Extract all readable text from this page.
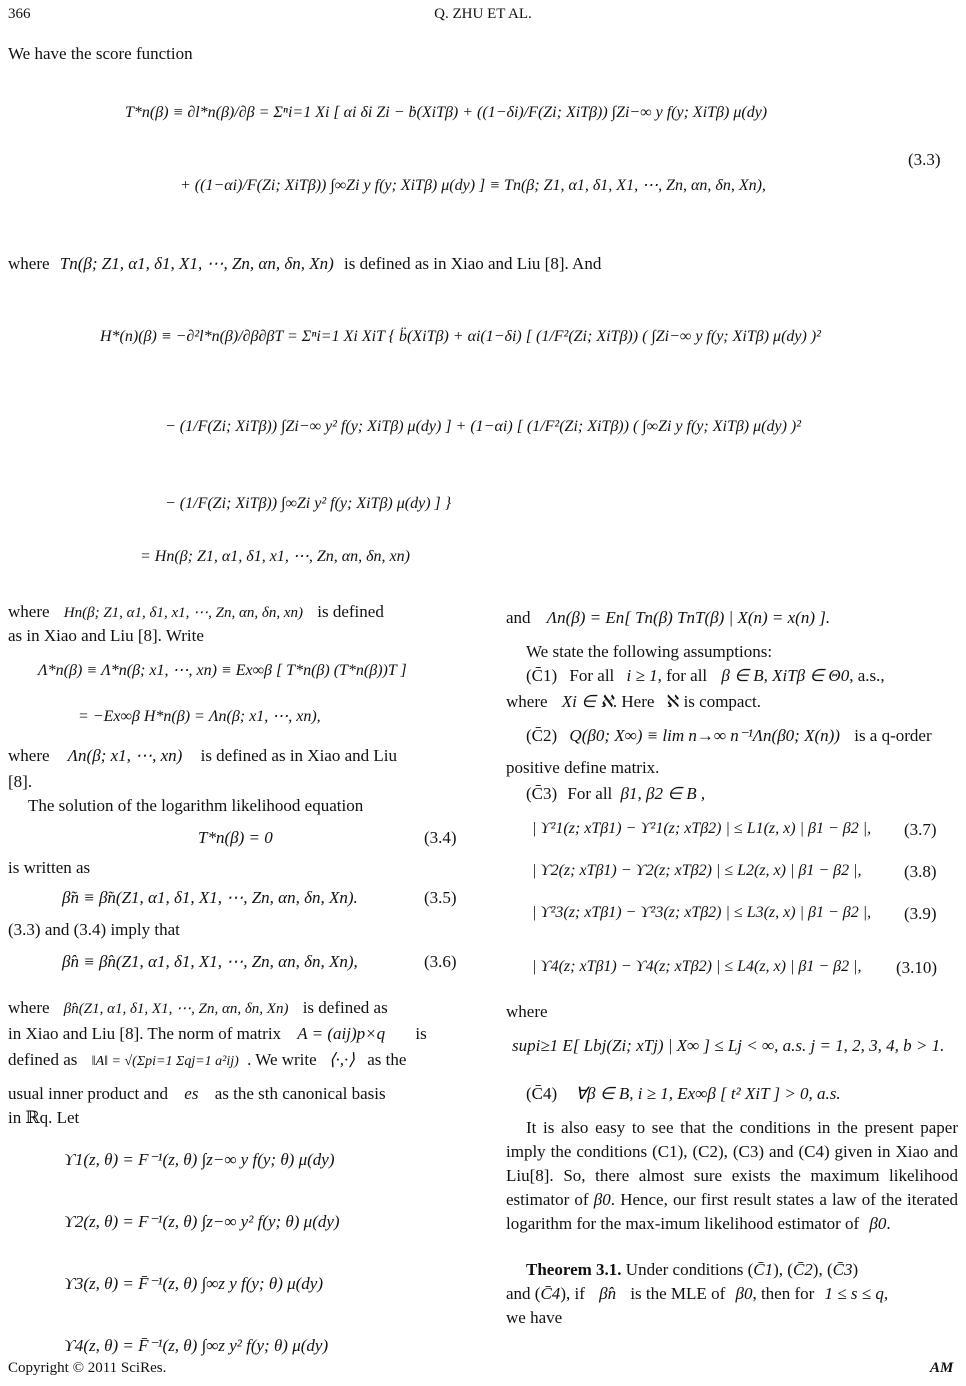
366	Q. ZHU ET AL.
We have the score function
T*n(β) ≡ ∂l*n(β)/∂β = Σⁿi=1 Xi [ αi δi Zi − ḃ(XiTβ) + ((1−δi)/F(Zi; XiTβ)) ∫Zi−∞ y f(y; XiTβ) μ(dy)
+ ((1−αi)/F(Zi; XiTβ)) ∫∞Zi y f(y; XiTβ) μ(dy) ] ≡ Tn(β; Z1, α1, δ1, X1, ⋯, Zn, αn, δn, Xn),
(3.3)
where Tn(β; Z1, α1, δ1, X1, ⋯, Zn, αn, δn, Xn) is defined as in Xiao and Liu [8]. And
H*(n)(β) ≡ −∂²l*n(β)/∂β∂βT = Σⁿi=1 Xi XiT { b̈(XiTβ) + αi(1−δi) [ (1/F²(Zi; XiTβ)) ( ∫Zi−∞ y f(y; XiTβ) μ(dy) )²
− (1/F(Zi; XiTβ)) ∫Zi−∞ y² f(y; XiTβ) μ(dy) ] + (1−αi) [ (1/F²(Zi; XiTβ)) ( ∫∞Zi y f(y; XiTβ) μ(dy) )²
− (1/F(Zi; XiTβ)) ∫∞Zi y² f(y; XiTβ) μ(dy) ] }
= Hn(β; Z1, α1, δ1, x1, ⋯, Zn, αn, δn, xn)
where Hn(β; Z1, α1, δ1, x1, ⋯, Zn, αn, δn, xn) is defined
as in Xiao and Liu [8]. Write
Λ*n(β) ≡ Λ*n(β; x1, ⋯, xn) ≡ Ex∞β [ T*n(β) (T*n(β))T ]
= −Ex∞β H*n(β) = Λn(β; x1, ⋯, xn),
where Λn(β; x1, ⋯, xn) is defined as in Xiao and Liu
[8].
The solution of the logarithm likelihood equation
T*n(β) = 0	(3.4)
is written as
β̃n ≡ β̃n(Z1, α1, δ1, X1, ⋯, Zn, αn, δn, Xn).	(3.5)
(3.3) and (3.4) imply that
β̂n ≡ β̂n(Z1, α1, δ1, X1, ⋯, Zn, αn, δn, Xn),	(3.6)
where β̂n(Z1, α1, δ1, X1, ⋯, Zn, αn, δn, Xn) is defined as
in Xiao and Liu [8]. The norm of matrix A = (aij)p×q is
defined as ‖A‖ = √(Σpi=1 Σqj=1 a²ij) . We write ⟨·,·⟩ as the
usual inner product and es as the sth canonical basis
in ℝq. Let
ϒ1(z, θ) = F⁻¹(z, θ) ∫z−∞ y f(y; θ) μ(dy)
ϒ2(z, θ) = F⁻¹(z, θ) ∫z−∞ y² f(y; θ) μ(dy)
ϒ3(z, θ) = F̄⁻¹(z, θ) ∫∞z y f(y; θ) μ(dy)
ϒ4(z, θ) = F̄⁻¹(z, θ) ∫∞z y² f(y; θ) μ(dy)
and Λn(β) = En[ Tn(β) TnT(β) | X(n) = x(n) ].
We state the following assumptions:
(C̄1) For all i ≥ 1, for all β ∈ B, XiTβ ∈ Θ0, a.s.,
where Xi ∈ ℵ. Here ℵ is compact.
(C̄2) Q(β0; X∞) ≡ lim n→∞ n⁻¹Λn(β0; X(n)) is a q-order
positive define matrix.
(C̄3) For all β1, β2 ∈ B ,
| ϒ²1(z; xTβ1) − ϒ²1(z; xTβ2) | ≤ L1(z, x) | β1 − β2 |, (3.7)
| ϒ2(z; xTβ1) − ϒ2(z; xTβ2) | ≤ L2(z, x) | β1 − β2 |, (3.8)
| ϒ²3(z; xTβ1) − ϒ²3(z; xTβ2) | ≤ L3(z, x) | β1 − β2 |, (3.9)
| ϒ4(z; xTβ1) − ϒ4(z; xTβ2) | ≤ L4(z, x) | β1 − β2 |, (3.10)
where
supi≥1 E[ Lbj(Zi; xTj) | X∞ ] ≤ Lj < ∞, a.s. j = 1, 2, 3, 4, b > 1.
(C̄4) ∀β ∈ B, i ≥ 1, Ex∞β [ t² XiT ] > 0, a.s.
It is also easy to see that the conditions in the present paper imply the conditions (C1), (C2), (C3) and (C4) given in Xiao and Liu[8]. So, there almost sure exists the maximum likelihood estimator of β0. Hence, our first result states a law of the iterated logarithm for the max-imum likelihood estimator of β0.
Theorem 3.1. Under conditions (C̄1), (C̄2), (C̄3)
and (C̄4), if β̂n is the MLE of β0, then for 1 ≤ s ≤ q,
we have
Copyright © 2011 SciRes.	AM
